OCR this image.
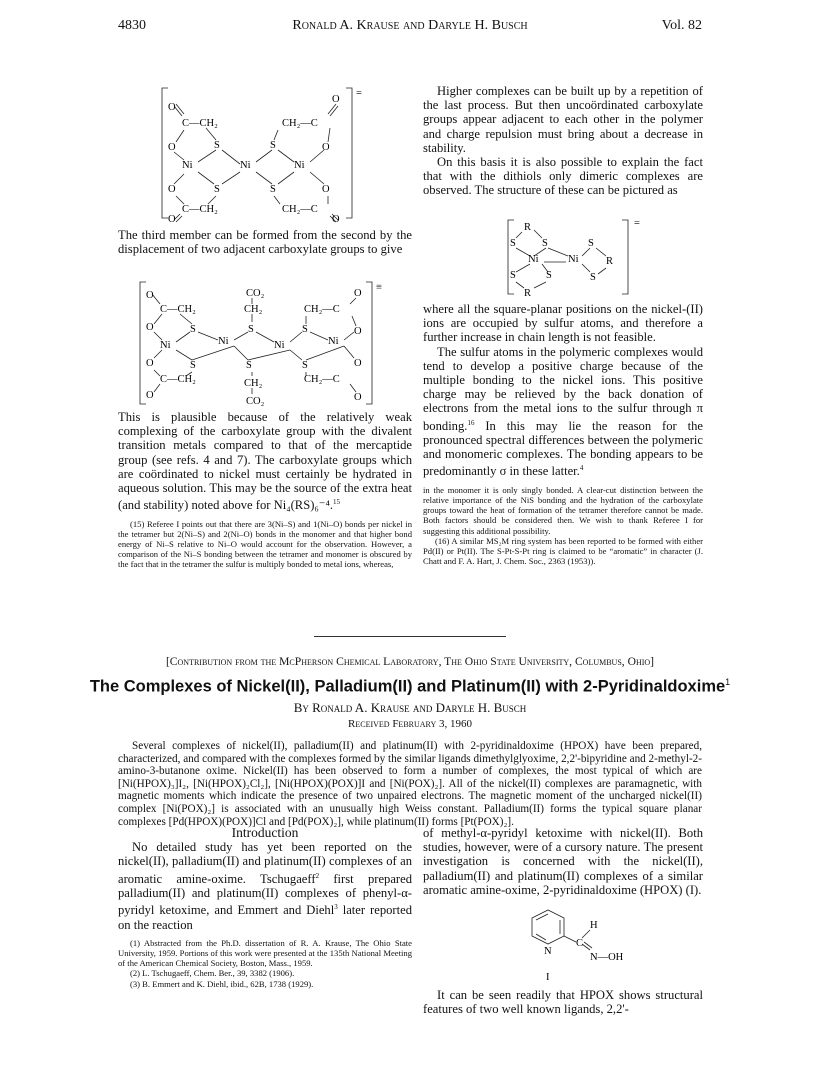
4830	Ronald A. Krause and Daryle H. Busch	Vol. 82
=
O
C—CH₂
O	S
Ni	Ni
S
Ni
O
CH₂—C
O
S	S
O	O
C—CH₂
O
CH₂—C
O

The third member can be formed from the second by the displacement of two adjacent carboxylate groups to give

≡
O
C—CH₂
O
CO₂
CH₂
S
CH₂—C
O
S	S	O
Ni	Ni	Ni	Ni
O	S	S	S	O
C—CH₂	CH₂
CO₂
CH₂—C
O	O

This is plausible because of the relatively weak complexing of the carboxylate group with the divalent transition metals compared to that of the mercaptide group (see refs. 4 and 7). The carboxylate groups which are coördinated to nickel must certainly be hydrated in aqueous solution. This may be the source of the extra heat (and stability) noted above for Ni₄(RS)₆⁻⁴.$^{15}$

(15) Referee I points out that there are 3(Ni–S) and 1(Ni–O) bonds per nickel in the tetramer but 2(Ni–S) and 2(Ni–O) bonds in the monomer and that higher bond energy of Ni–S relative to Ni–O would account for the observation. However, a comparison of the Ni–S bonding between the tetramer and monomer is obscured by the fact that in the tetramer the sulfur is multiply bonded to metal ions, whereas,

Higher complexes can be built up by a repetition of the last process. But then uncoördinated carboxylate groups appear adjacent to each other in the polymer and charge repulsion must bring about a decrease in stability.

On this basis it is also possible to explain the fact that with the dithiols only dimeric complexes are observed. The structure of these can be pictured as

=
R
S S	S
Ni	Ni	R
S	S	S
R

where all the square-planar positions on the nickel-(II) ions are occupied by sulfur atoms, and therefore a further increase in chain length is not feasible.

The sulfur atoms in the polymeric complexes would tend to develop a positive charge because of the multiple bonding to the nickel ions. This positive charge may be relieved by the back donation of electrons from the metal ions to the sulfur through π bonding.$^{16}$ In this may lie the reason for the pronounced spectral differences between the polymeric and monomeric complexes. The bonding appears to be predominantly σ in these latter.$^4$

in the monomer it is only singly bonded. A clear-cut distinction between the relative importance of the NiS bonding and the hydration of the carboxylate groups toward the heat of formation of the tetramer therefore cannot be made. Both factors should be considered then. We wish to thank Referee I for suggesting this additional possibility.

(16) A similar MS₂M ring system has been reported to be formed with either Pd(II) or Pt(II). The S-Pt-S-Pt ring is claimed to be “aromatic” in character (J. Chatt and F. A. Hart, J. Chem. Soc., 2363 (1953)).

[Contribution from the McPherson Chemical Laboratory, The Ohio State University, Columbus, Ohio]
The Complexes of Nickel(II), Palladium(II) and Platinum(II) with 2-Pyridinaldoxime$^1$
By Ronald A. Krause and Daryle H. Busch
Received February 3, 1960
Several complexes of nickel(II), palladium(II) and platinum(II) with 2-pyridinaldoxime (HPOX) have been prepared, characterized, and compared with the complexes formed by the similar ligands dimethylglyoxime, 2,2'-bipyridine and 2-methyl-2-amino-3-butanone oxime. Nickel(II) has been observed to form a number of complexes, the most typical of which are [Ni(HPOX)₃]I₂, [Ni(HPOX)₂Cl₂], [Ni(HPOX)(POX)]I and [Ni(POX)₂]. All of the nickel(II) complexes are paramagnetic, with magnetic moments which indicate the presence of two unpaired electrons. The magnetic moment of the uncharged nickel(II) complex [Ni(POX)₂] is associated with an unusually high Weiss constant. Palladium(II) forms the typical square planar complexes [Pd(HPOX)(POX)]Cl and [Pd(POX)₂], while platinum(II) forms [Pt(POX)₂].

Introduction

No detailed study has yet been reported on the nickel(II), palladium(II) and platinum(II) complexes of an aromatic amine-oxime. Tschugaeff$^2$ first prepared palladium(II) and platinum(II) complexes of phenyl-α-pyridyl ketoxime, and Emmert and Diehl$^3$ later reported on the reaction

(1) Abstracted from the Ph.D. dissertation of R. A. Krause, The Ohio State University, 1959. Portions of this work were presented at the 135th National Meeting of the American Chemical Society, Boston, Mass., 1959.

(2) L. Tschugaeff, Chem. Ber., 39, 3382 (1906).

(3) B. Emmert and K. Diehl, ibid., 62B, 1738 (1929).

of methyl-α-pyridyl ketoxime with nickel(II). Both studies, however, were of a cursory nature. The present investigation is concerned with the nickel(II), palladium(II) and platinum(II) complexes of a similar aromatic amine-oxime, 2-pyridinaldoxime (HPOX) (I).

N
C
H
N—OH
I

It can be seen readily that HPOX shows structural features of two well known ligands, 2,2'-
